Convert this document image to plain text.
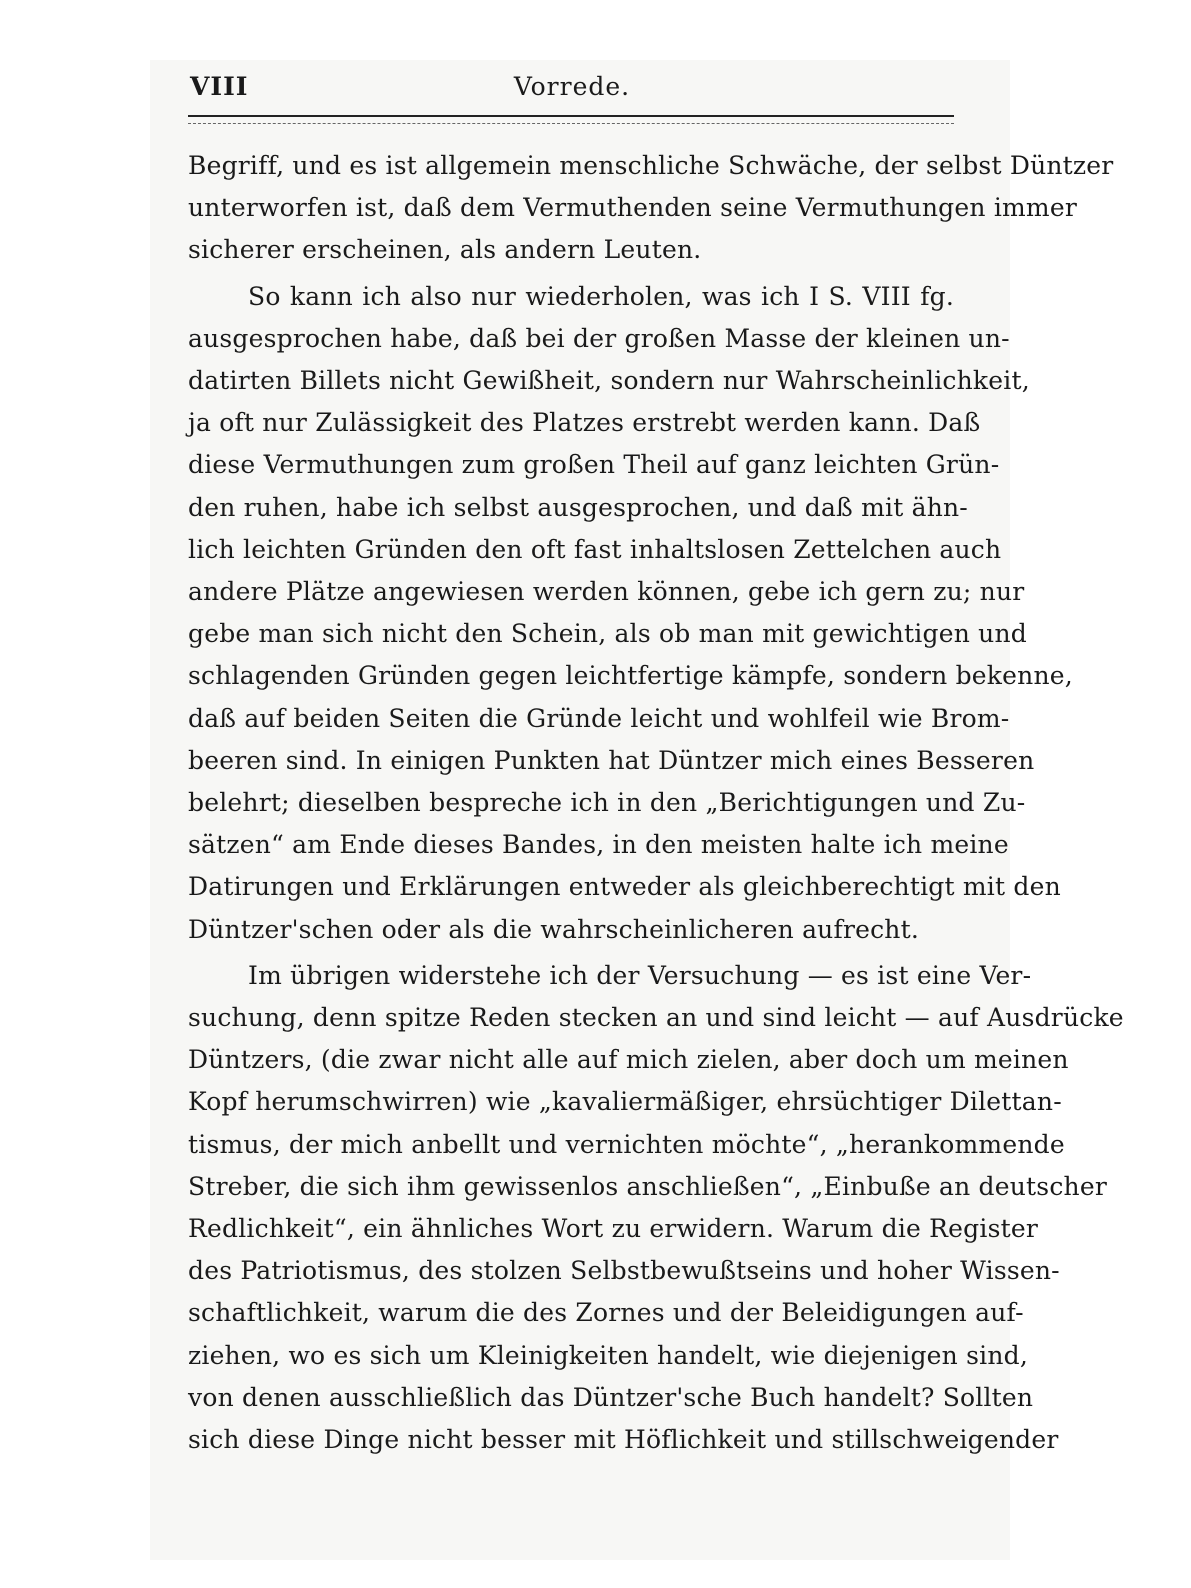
VIII	Vorrede.
Begriff, und es ist allgemein menschliche Schwäche, der selbst Düntzer
unterworfen ist, daß dem Vermuthenden seine Vermuthungen immer
sicherer erscheinen, als andern Leuten.
So kann ich also nur wiederholen, was ich I S. VIII fg.
ausgesprochen habe, daß bei der großen Masse der kleinen un-
datirten Billets nicht Gewißheit, sondern nur Wahrscheinlichkeit,
ja oft nur Zulässigkeit des Platzes erstrebt werden kann. Daß
diese Vermuthungen zum großen Theil auf ganz leichten Grün-
den ruhen, habe ich selbst ausgesprochen, und daß mit ähn-
lich leichten Gründen den oft fast inhaltslosen Zettelchen auch
andere Plätze angewiesen werden können, gebe ich gern zu; nur
gebe man sich nicht den Schein, als ob man mit gewichtigen und
schlagenden Gründen gegen leichtfertige kämpfe, sondern bekenne,
daß auf beiden Seiten die Gründe leicht und wohlfeil wie Brom-
beeren sind. In einigen Punkten hat Düntzer mich eines Besseren
belehrt; dieselben bespreche ich in den „Berichtigungen und Zu-
sätzen“ am Ende dieses Bandes, in den meisten halte ich meine
Datirungen und Erklärungen entweder als gleichberechtigt mit den
Düntzer'schen oder als die wahrscheinlicheren aufrecht.
Im übrigen widerstehe ich der Versuchung — es ist eine Ver-
suchung, denn spitze Reden stecken an und sind leicht — auf Ausdrücke
Düntzers, (die zwar nicht alle auf mich zielen, aber doch um meinen
Kopf herumschwirren) wie „kavaliermäßiger, ehrsüchtiger Dilettan-
tismus, der mich anbellt und vernichten möchte“, „herankommende
Streber, die sich ihm gewissenlos anschließen“, „Einbuße an deutscher
Redlichkeit“, ein ähnliches Wort zu erwidern. Warum die Register
des Patriotismus, des stolzen Selbstbewußtseins und hoher Wissen-
schaftlichkeit, warum die des Zornes und der Beleidigungen auf-
ziehen, wo es sich um Kleinigkeiten handelt, wie diejenigen sind,
von denen ausschließlich das Düntzer'sche Buch handelt? Sollten
sich diese Dinge nicht besser mit Höflichkeit und stillschweigender
